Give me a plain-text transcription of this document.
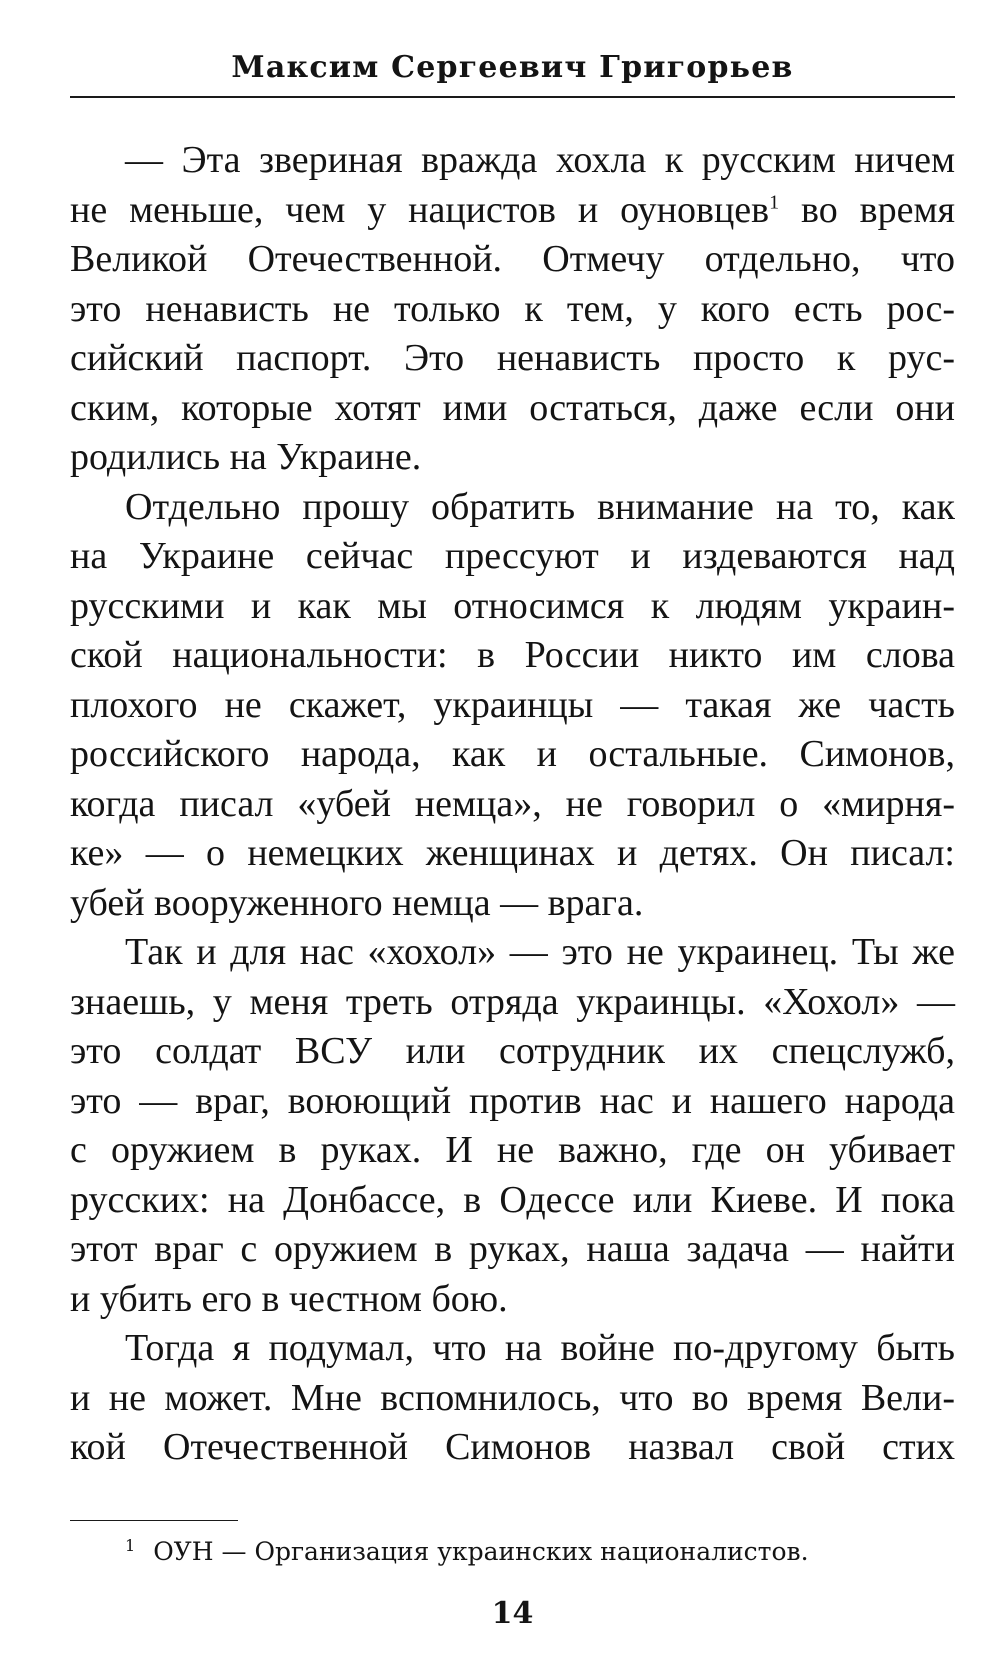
Максим Сергеевич Григорьев

— Эта звериная вражда хохла к русским ничем
не меньше, чем у нацистов и оуновцев$^1$ во время
Великой Отечественной. Отмечу отдельно, что
это ненависть не только к тем, у кого есть рос-
сийский паспорт. Это ненависть просто к рус-
ским, которые хотят ими остаться, даже если они
родились на Украине.

Отдельно прошу обратить внимание на то, как
на Украине сейчас прессуют и издеваются над
русскими и как мы относимся к людям украин-
ской национальности: в России никто им слова
плохого не скажет, украинцы — такая же часть
российского народа, как и остальные. Симонов,
когда писал «убей немца», не говорил о «мирня-
ке» — о немецких женщинах и детях. Он писал:
убей вооруженного немца — врага.

Так и для нас «хохол» — это не украинец. Ты же
знаешь, у меня треть отряда украинцы. «Хохол» —
это солдат ВСУ или сотрудник их спецслужб,
это — враг, воюющий против нас и нашего народа
с оружием в руках. И не важно, где он убивает
русских: на Донбассе, в Одессе или Киеве. И пока
этот враг с оружием в руках, наша задача — найти
и убить его в честном бою.

Тогда я подумал, что на войне по-другому быть
и не может. Мне вспомнилось, что во время Вели-
кой Отечественной Симонов назвал свой стих

$^1$ ОУН — Организация украинских националистов.
14
